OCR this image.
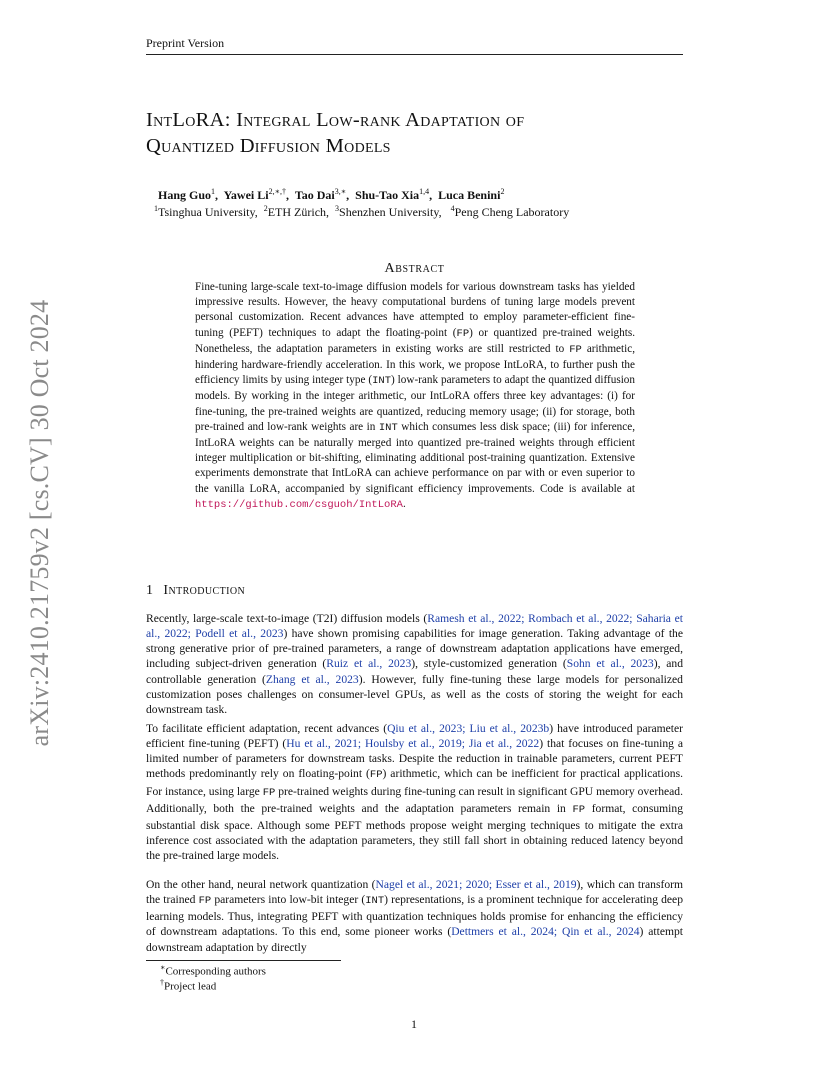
Preprint Version
arXiv:2410.21759v2 [cs.CV] 30 Oct 2024
IntLoRA: Integral Low-rank Adaptation of
Quantized Diffusion Models
Hang Guo$^1$,  Yawei $Li^{2,∗,\dagger}$,  Tao Dai$^{3,∗}$,  Shu-Tao Xia$^{1,4}$,  Luca Benini$^2$
$^1$Tsinghua University,  $^2$ETH Zürich,  $^3$Shenzhen University,   $^4$Peng Cheng Laboratory
Abstract
Fine-tuning large-scale text-to-image diffusion models for various downstream tasks has yielded impressive results. However, the heavy computational burdens of tuning large models prevent personal customization. Recent advances have attempted to employ parameter-efficient fine-tuning (PEFT) techniques to adapt the floating-point (FP) or quantized pre-trained weights. Nonetheless, the adaptation parameters in existing works are still restricted to FP arithmetic, hindering hardware-friendly acceleration. In this work, we propose IntLoRA, to further push the efficiency limits by using integer type (INT) low-rank parameters to adapt the quantized diffusion models. By working in the integer arithmetic, our IntLoRA offers three key advantages: (i) for fine-tuning, the pre-trained weights are quantized, reducing memory usage; (ii) for storage, both pre-trained and low-rank weights are in INT which consumes less disk space; (iii) for inference, IntLoRA weights can be naturally merged into quantized pre-trained weights through efficient integer multiplication or bit-shifting, eliminating additional post-training quantization. Extensive experiments demonstrate that IntLoRA can achieve performance on par with or even superior to the vanilla LoRA, accompanied by significant efficiency improvements. Code is available at https://github.com/csguoh/IntLoRA.
1 Introduction
Recently, large-scale text-to-image (T2I) diffusion models (Ramesh et al., 2022; Rombach et al., 2022; Saharia et al., 2022; Podell et al., 2023) have shown promising capabilities for image generation. Taking advantage of the strong generative prior of pre-trained parameters, a range of downstream adaptation applications have emerged, including subject-driven generation (Ruiz et al., 2023), style-customized generation (Sohn et al., 2023), and controllable generation (Zhang et al., 2023). However, fully fine-tuning these large models for personalized customization poses challenges on consumer-level GPUs, as well as the costs of storing the weight for each downstream task.
To facilitate efficient adaptation, recent advances (Qiu et al., 2023; Liu et al., 2023b) have introduced parameter efficient fine-tuning (PEFT) (Hu et al., 2021; Houlsby et al., 2019; Jia et al., 2022) that focuses on fine-tuning a limited number of parameters for downstream tasks. Despite the reduction in trainable parameters, current PEFT methods predominantly rely on floating-point (FP) arithmetic, which can be inefficient for practical applications. For instance, using large FP pre-trained weights during fine-tuning can result in significant GPU memory overhead. Additionally, both the pre-trained weights and the adaptation parameters remain in FP format, consuming substantial disk space. Although some PEFT methods propose weight merging techniques to mitigate the extra inference cost associated with the adaptation parameters, they still fall short in obtaining reduced latency beyond the pre-trained large models.
On the other hand, neural network quantization (Nagel et al., 2021; 2020; Esser et al., 2019), which can transform the trained FP parameters into low-bit integer (INT) representations, is a prominent technique for accelerating deep learning models. Thus, integrating PEFT with quantization techniques holds promise for enhancing the efficiency of downstream adaptations. To this end, some pioneer works (Dettmers et al., 2024; Qin et al., 2024) attempt downstream adaptation by directly
∗Corresponding authors
†Project lead
1
